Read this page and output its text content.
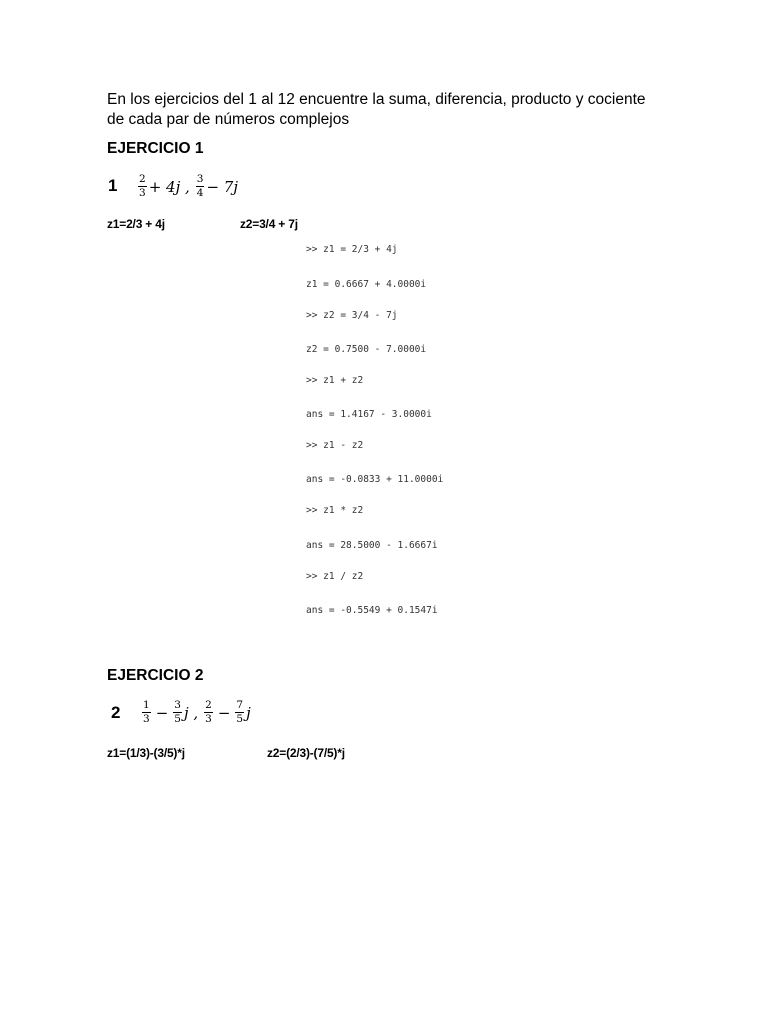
En los ejercicios del 1 al 12 encuentre la suma, diferencia, producto y cociente de cada par de números complejos

EJERCICIO 1
$1 \frac{2}{3} + 4j$ , $\frac{3}{4} - 7j$
z1=2/3 + 4j	z2=3/4 + 7j
>> z1 = 2/3 + 4j
z1 = 0.6667 + 4.0000i
>> z2 = 3/4 - 7j
z2 = 0.7500 - 7.0000i
>> z1 + z2
ans = 1.4167 - 3.0000i
>> z1 - z2
ans = -0.0833 + 11.0000i
>> z1 * z2
ans = 28.5000 - 1.6667i
>> z1 / z2
ans = -0.5549 + 0.1547i
EJERCICIO 2
$2 \frac{1}{3} - \frac{3}{5}$ j , $\frac{2}{3} - \frac{7}{5}$ j
z1=(1/3)-(3/5)*j	z2=(2/3)-(7/5)*j
